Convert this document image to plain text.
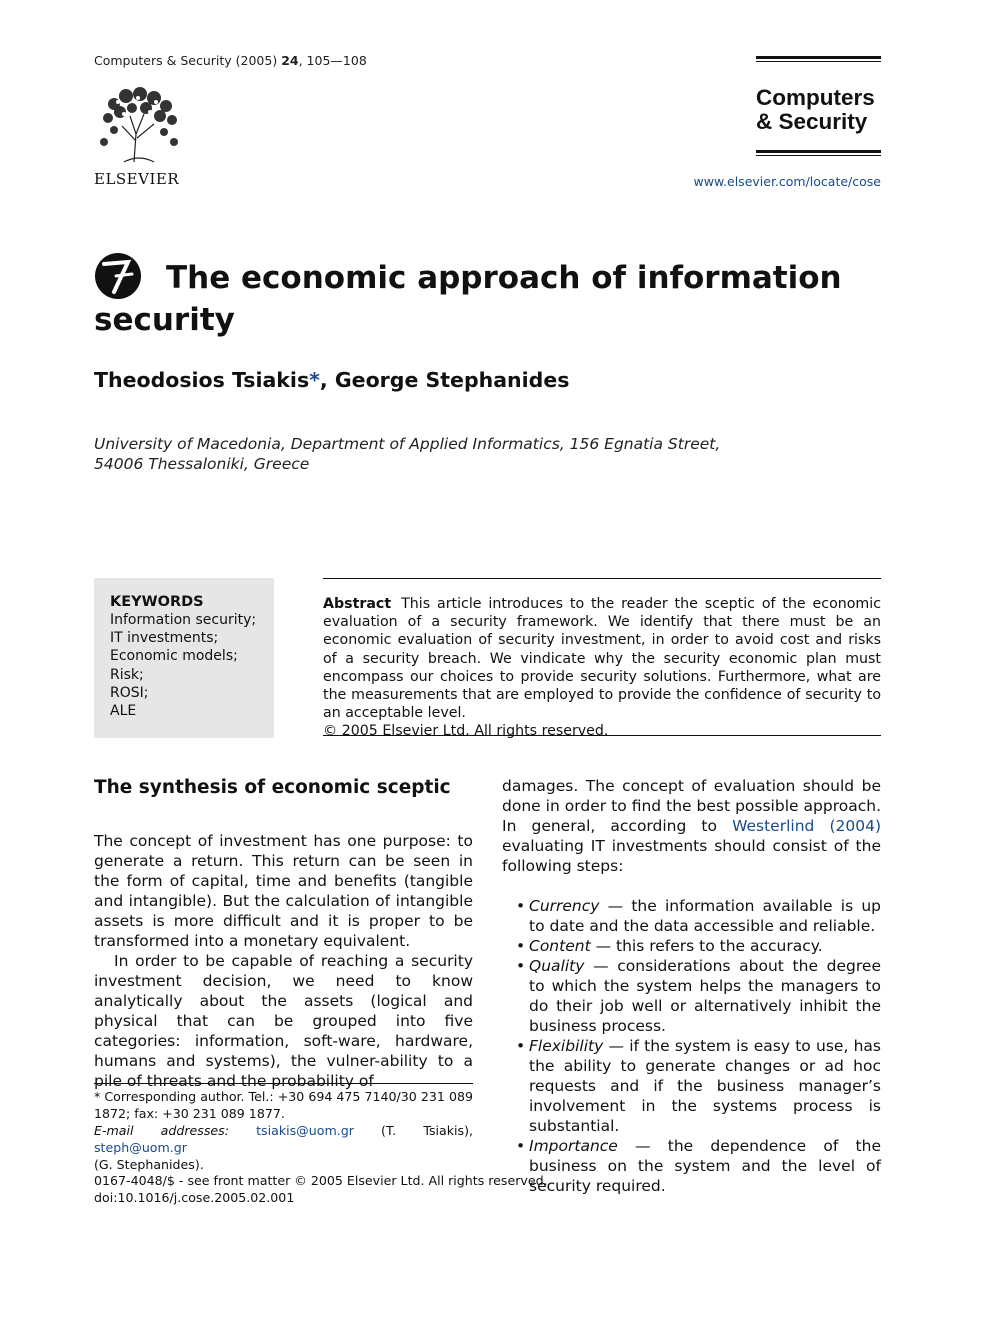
Computers & Security (2005) 24, 105—108
ELSEVIER
Computers
& Security
www.elsevier.com/locate/cose
The economic approach of information security
Theodosios Tsiakis*, George Stephanides
University of Macedonia, Department of Applied Informatics, 156 Egnatia Street,
54006 Thessaloniki, Greece
KEYWORDS
Information security;
IT investments;
Economic models;
Risk;
ROSI;
ALE

Abstract This article introduces to the reader the sceptic of the economic evaluation of a security framework. We identify that there must be an economic evaluation of security investment, in order to avoid cost and risks of a security breach. We vindicate why the security economic plan must encompass our choices to provide security solutions. Furthermore, what are the measurements that are employed to provide the confidence of security to an acceptable level.

© 2005 Elsevier Ltd. All rights reserved.

The synthesis of economic sceptic

The concept of investment has one purpose: to generate a return. This return can be seen in the form of capital, time and benefits (tangible and intangible). But the calculation of intangible assets is more difficult and it is proper to be transformed into a monetary equivalent.

In order to be capable of reaching a security investment decision, we need to know analytically about the assets (logical and physical that can be grouped into five categories: information, soft-ware, hardware, humans and systems), the vulner-ability to a pile of threats and the probability of

damages. The concept of evaluation should be done in order to find the best possible approach. In general, according to Westerlind (2004) evaluating IT investments should consist of the following steps:

• Currency — the information available is up to date and the data accessible and reliable.
• Content — this refers to the accuracy.
• Quality — considerations about the degree to which the system helps the managers to do their job well or alternatively inhibit the business process.
• Flexibility — if the system is easy to use, has the ability to generate changes or ad hoc requests and if the business manager’s involvement in the systems process is substantial.
• Importance — the dependence of the business on the system and the level of security required.
* Corresponding author. Tel.: +30 694 475 7140/30 231 089 1872; fax: +30 231 089 1877.
E-mail addresses: tsiakis@uom.gr (T. Tsiakis), steph@uom.gr
(G. Stephanides).
0167-4048/$ - see front matter © 2005 Elsevier Ltd. All rights reserved.
doi:10.1016/j.cose.2005.02.001
